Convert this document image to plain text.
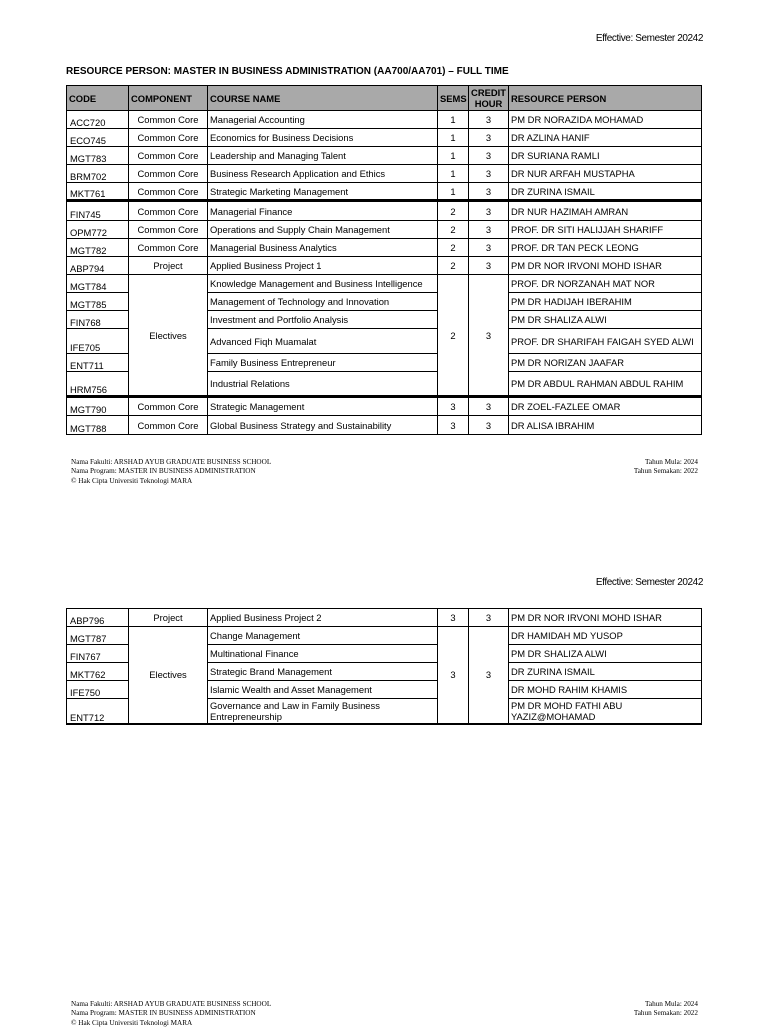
Effective: Semester 20242
RESOURCE PERSON: MASTER IN BUSINESS ADMINISTRATION (AA700/AA701) – FULL TIME
CODE	COMPONENT	COURSE NAME	SEMS	CREDIT HOUR	RESOURCE PERSON
ACC720	Common Core	Managerial Accounting	1	3	PM DR NORAZIDA MOHAMAD
ECO745	Common Core	Economics for Business Decisions	1	3	DR AZLINA HANIF
MGT783	Common Core	Leadership and Managing Talent	1	3	DR SURIANA RAMLI
BRM702	Common Core	Business Research Application and Ethics	1	3	DR NUR ARFAH MUSTAPHA
MKT761	Common Core	Strategic Marketing Management	1	3	DR ZURINA ISMAIL
FIN745	Common Core	Managerial Finance	2	3	DR NUR HAZIMAH AMRAN
OPM772	Common Core	Operations and Supply Chain Management	2	3	PROF. DR SITI HALIJJAH SHARIFF
MGT782	Common Core	Managerial Business Analytics	2	3	PROF. DR TAN PECK LEONG
ABP794	Project	Applied Business Project 1	2	3	PM DR NOR IRVONI MOHD ISHAR
MGT784	Electives	Knowledge Management and Business Intelligence	2	3	PROF. DR NORZANAH MAT NOR
MGT785		Management of Technology and Innovation			PM DR HADIJAH IBERAHIM
FIN768		Investment and Portfolio Analysis			PM DR SHALIZA ALWI
IFE705		Advanced Fiqh Muamalat			PROF. DR SHARIFAH FAIGAH SYED ALWI
ENT711		Family Business Entrepreneur			PM DR NORIZAN JAAFAR
HRM756		Industrial Relations			PM DR ABDUL RAHMAN ABDUL RAHIM
MGT790	Common Core	Strategic Management	3	3	DR ZOEL-FAZLEE OMAR
MGT788	Common Core	Global Business Strategy and Sustainability	3	3	DR ALISA IBRAHIM
Nama Fakulti: ARSHAD AYUB GRADUATE BUSINESS SCHOOL
Nama Program: MASTER IN BUSINESS ADMINISTRATION
© Hak Cipta Universiti Teknologi MARA
Tahun Mula: 2024
Tahun Semakan: 2022
Effective: Semester 20242
ABP796	Project	Applied Business Project 2	3	3	PM DR NOR IRVONI MOHD ISHAR
MGT787	Electives	Change Management	3	3	DR HAMIDAH MD YUSOP
FIN767		Multinational Finance			PM DR SHALIZA ALWI
MKT762		Strategic Brand Management			DR ZURINA ISMAIL
IFE750		Islamic Wealth and Asset Management			DR MOHD RAHIM KHAMIS
ENT712		Governance and Law in Family Business Entrepreneurship			PM DR MOHD FATHI ABU YAZIZ@MOHAMAD
Nama Fakulti: ARSHAD AYUB GRADUATE BUSINESS SCHOOL
Nama Program: MASTER IN BUSINESS ADMINISTRATION
© Hak Cipta Universiti Teknologi MARA
Tahun Mula: 2024
Tahun Semakan: 2022
